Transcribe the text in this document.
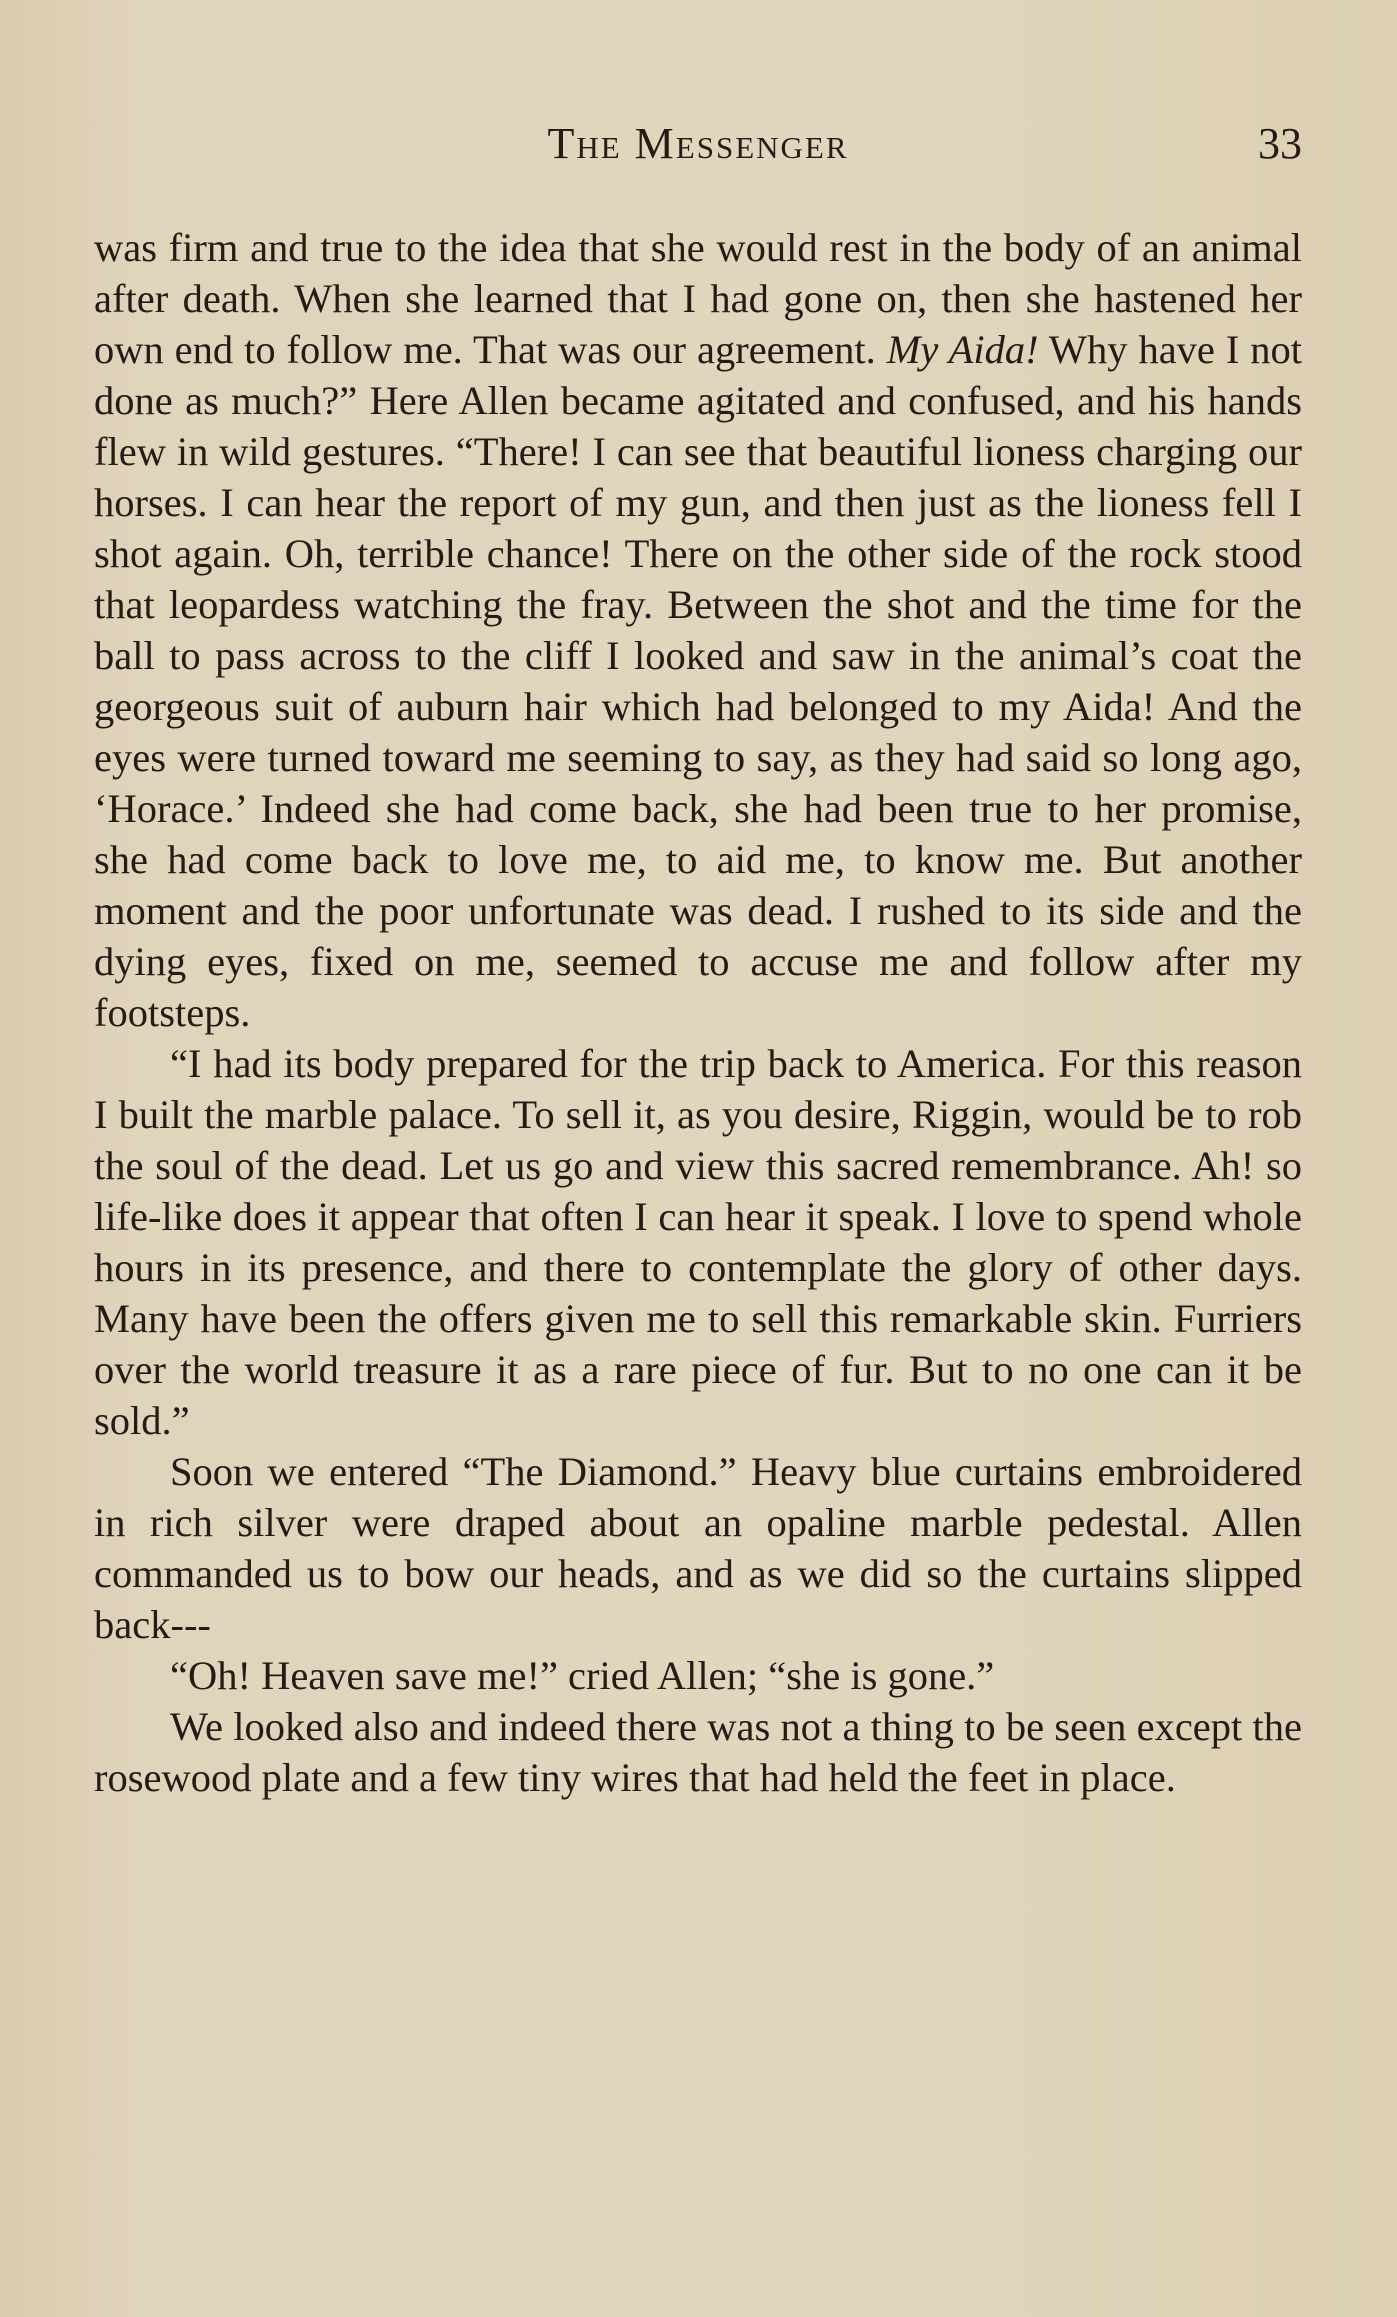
The Messenger	33

was firm and true to the idea that she would rest in the body of an animal after death. When she learned that I had gone on, then she hastened her own end to follow me. That was our agreement. My Aida! Why have I not done as much?” Here Allen became agitated and confused, and his hands flew in wild gestures. “There! I can see that beautiful lioness charging our horses. I can hear the report of my gun, and then just as the lioness fell I shot again. Oh, terrible chance! There on the other side of the rock stood that leopardess watching the fray. Between the shot and the time for the ball to pass across to the cliff I looked and saw in the animal’s coat the georgeous suit of auburn hair which had belonged to my Aida! And the eyes were turned toward me seeming to say, as they had said so long ago, ‘Horace.’ Indeed she had come back, she had been true to her promise, she had come back to love me, to aid me, to know me. But another moment and the poor unfortunate was dead. I rushed to its side and the dying eyes, fixed on me, seemed to accuse me and follow after my footsteps.

“I had its body prepared for the trip back to America. For this reason I built the marble palace. To sell it, as you desire, Riggin, would be to rob the soul of the dead. Let us go and view this sacred remembrance. Ah! so life-like does it appear that often I can hear it speak. I love to spend whole hours in its presence, and there to contemplate the glory of other days. Many have been the offers given me to sell this remarkable skin. Furriers over the world treasure it as a rare piece of fur. But to no one can it be sold.”

Soon we entered “The Diamond.” Heavy blue curtains embroidered in rich silver were draped about an opaline marble pedestal. Allen commanded us to bow our heads, and as we did so the curtains slipped back---

“Oh! Heaven save me!” cried Allen; “she is gone.”

We looked also and indeed there was not a thing to be seen except the rosewood plate and a few tiny wires that had held the feet in place.
